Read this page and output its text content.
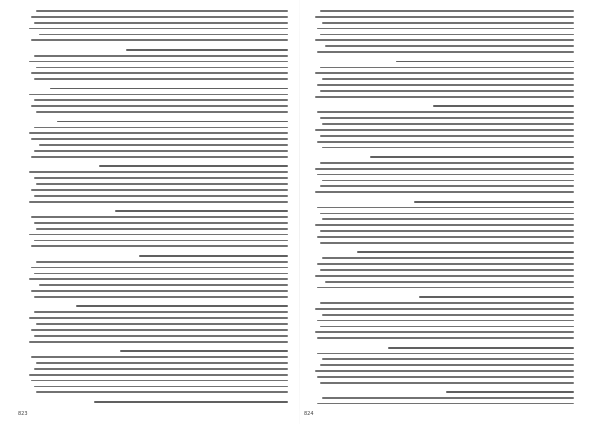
823	824
